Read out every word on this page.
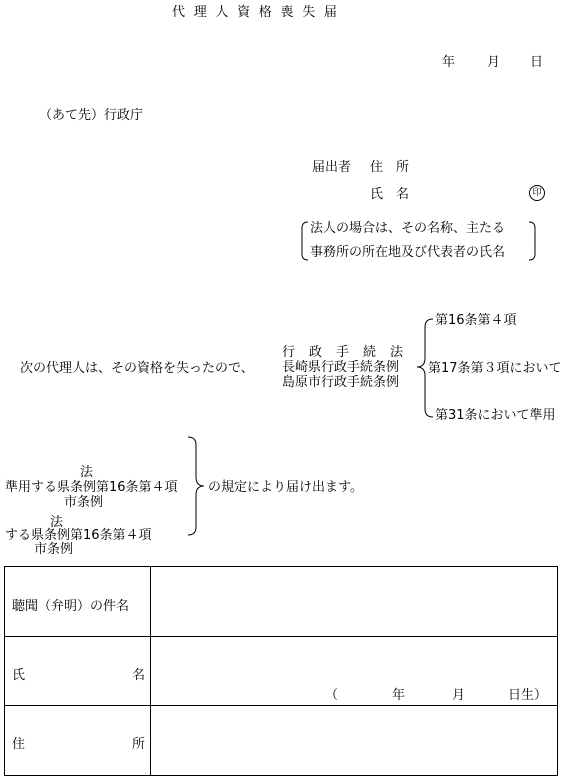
代理人資格喪失届
年 月 日
（あて先）行政庁
届出者 住所
氏名	印
法人の場合は、その名称、主たる
事務所の所在地及び代表者の氏名
次の代理人は、その資格を失ったので、
行政手続法
長崎県行政手続条例
島原市行政手続条例
第16条第４項
第17条第３項において
第31条において準用
法
準用する県条例第16条第４項
市条例
法
する県条例第16条第４項
市条例
の規定により届け出ます。
聴聞（弁明）の件名	

氏 名	（ 年 月 日生）

住 所	
